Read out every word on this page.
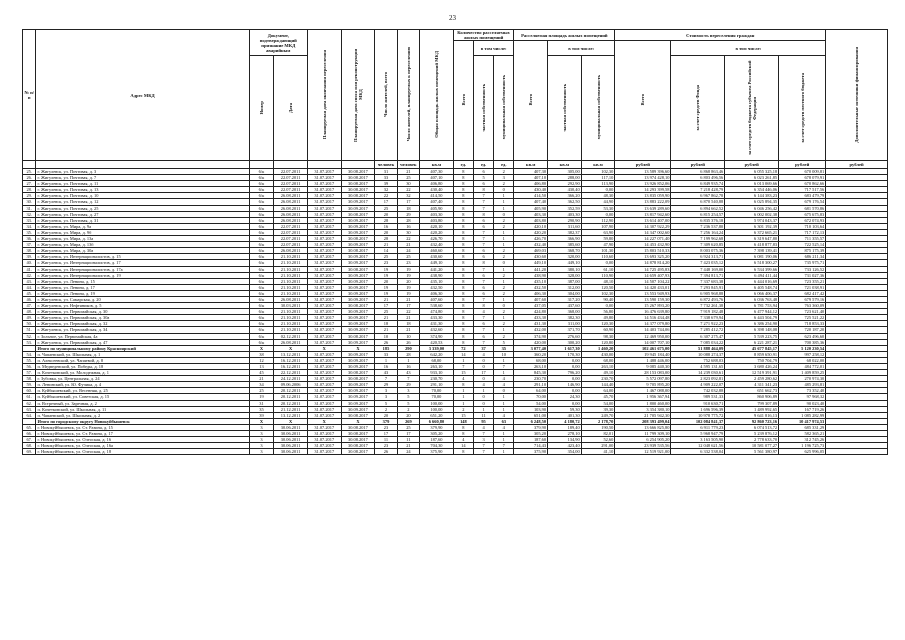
23
№ п/п	Адрес МКД	Документ, подтверждающий признание МКД аварийным		Планируемая дата окончания переселения	Планируемая дата сноса или реконструкции МКД	Число жителей, всего	Число жителей, планируемых к переселению	Общая площадь жилых помещений МКД	Количество расселяемых жилых помещений			Расселяемая площадь жилых помещений			Стоимость переселения граждан				Дополнительные источники финансирования
									Всего	в том числе:		Всего	в том числе:		Всего	в том числе:			
		Номер	Дата							частная собственность	муниципальная собственность		частная собственность	муниципальная собственность		за счет средств Фонда	за счет средств бюджета субъекта Российской Федерации	за счет средств местного бюджета	
						человек	человек	кв.м	ед.	ед.	ед.	кв.м	кв.м	кв.м	рублей	рублей	рублей	рублей	рублей
25.	г. Жигулевск, ул. Почтовая, д. 3	6/к	22.07.2011	31.07.2017	30.08.2017	31	21	407,30	8	6	2	407,30	305,00	102,30	13 589 396,60	6 868 863,46	6 055 325,18	670 009,81	
26.	г. Жигулевск, ул. Почтовая, д. 7	6/к	22.07.2011	31.07.2017	30.08.2017	33	25	407,10	8	5	3	407,10	288,00	117,10	13 974 428,10	6 803 496,56	6 023 261,85	678 079,91	
27.	г. Жигулевск, ул. Почтовая, д. 11	6/к	22.07.2011	31.07.2017	30.08.2017	39	30	406,80	8	6	2	406,80	292,90	113,90	13 926 852,06	6 849 935,74	6 013 069,66	670 862,66	
28.	г. Жигулевск, ул. Почтовая, д. 13	6/к	22.07.2011	31.07.2017	30.08.2017	32	22	430,40	8	8	0	430,40	430,40	0,00	14 293 399,58	7 218 428,79	6 354 446,06	717 517,56	
29.	г. Жигулевск, ул. Почтовая, д. 10	6/к	26.08.2011	31.07.2017	30.08.2017	22	32	414,50	8	7	1	414,50	366,20	48,30	13 835 059,90	6 967 862,78	6 144 383,23	683 479,79	
30.	г. Жигулевск, ул. Почтовая, д. 12	6/к	26.08.2011	31.07.2017	30.09.2017	17	17	407,40	8	7	1	407,40	362,50	44,90	13 883 222,09	6 870 540,88	6 025 894,35	679 176,54	
31.	г. Жигулевск, ул. Почтовая, д. 25	6/к	26.08.2011	31.07.2017	30.09.2017	25	18	405,90	8	7	1	405,90	352,59	53,30	13 639 289,60	6 894 662,52	6 046 256,42	681 570,86	
32.	г. Жигулевск, ул. Почтовая, д. 27	6/к	26.08.2011	31.07.2017	30.08.2017	20	29	403,30	8	8	0	403,30	403,30	0,00	13 817 942,60	6 815 254,57	6 002 002,38	675 675,83	
33.	г. Жигулевск, ул. Почтовая, д. 31	6/к	26.08.2011	31.07.2017	30.09.2017	28	28	403,80	8	6	2	403,80	290,90	112,90	13 614 407,00	6 835 376,18	5 974 043,37	672 074,93	
34.	г. Жигулевск, ул. Мира, д. 9а	6/к	22.07.2011	31.07.2017	30.09.2017	16	16	420,10	8	6	2	420,10	311,60	107,90	14 307 922,29	7 236 537,80	6 301 192,39	710 103,64	
35.	г. Жигулевск, ул. Мира, д. 9б	6/к	22.07.2011	31.07.2017	30.09.2017	20	30	420,20	8	7	1	420,20	382,37	63,90	14 347 002,60	7 256 164,24	6 372 665,21	717 172,13	
36.	г. Жигулевск, ул. Мира, д. 13а	6/к	22.07.2011	31.07.2017	30.08.2017	28	22	426,70	8	7	1	426,70	366,90	59,80	14 227 071,40	7 199 962,68	6 319 647,80	711 355,57	
37.	г. Жигулевск, ул. Мира, д. 13б	6/к	22.07.2011	31.07.2017	30.09.2017	21	21	432,40	8	7	1	432,40	385,60	47,90	14 453 432,90	7 309 620,85	6 418 877,83	722 525,14	
38.	г. Жигулевск, ул. Мира, д. 30а	6/к	26.08.2011	31.07.2017	30.08.2017	14	24	460,60	8	6	2	469,03	368,70	101,30	15 803 510,33	8 003 075,36	7 398 139,41	875 175,39	
39.	г. Жигулевск, ул. Интернационалистов, д. 15	6/к	21.10.2011	31.07.2017	30.09.2017	25	25	430,60	8	6	2	430,60	320,00	110,60	13 693 325,20	6 924 313,71	6 081 190,06	686 211,34	
40.	г. Жигулевск, ул. Интернационалистов, д. 17	6/к	21.10.2011	31.07.2017	30.09.2017	23	23	449,10	8	8	0	449,10	449,10	0,00	14 878 814,20	7 423 035,12	6 518 300,27	735 975,71	
41.	г. Жигулевск, ул. Интернационалистов, д. 17а	6/к	21.10.2011	31.07.2017	30.08.2017	19	19	441,20	8	7	1	441,20	380,10	61,10	14 725 495,83	7 448 169,00	6 534 399,66	733 126,52	
42.	г. Жигулевск, ул. Интернационалистов, д. 19	6/к	21.10.2011	31.07.2017	30.09.2017	19	19	438,90	8	6	2	438,90	328,00	110,90	14 659 407,93	7 394 813,71	6 494 411,44	731 027,36	
43.	г. Жигулевск, ул. Ленина, д. 15	6/к	21.10.2011	31.07.2017	30.09.2017	20	20	435,10	8	7	1	435,10	387,00	48,10	14 507 104,22	7 337 683,38	6 444 016,69	723 355,21	
44.	г. Жигулевск, ул. Ленина, д. 17	6/к	21.10.2011	31.07.2017	30.09.2017	19	19	432,50	8	6	2	432,50	312,00	120,50	14 420 433,01	7 293 845,91	6 405 548,74	721 038,91	
45.	г. Жигулевск, ул. Ленина, д. 19	6/к	21.10.2011	31.07.2017	30.09.2017	19	19	406,30	8	6	2	406,30	304,00	102,30	13 553 949,93	6 905 968,88	6 066 406,37	682 417,42	
46.	г. Жигулевск, ул. Самарская, д. 20	6/к	26.08.2011	31.07.2017	30.09.2017	21	21	407,60	8	7	1	407,60	317,20	90,40	13 590 159,30	6 872 493,76	6 036 763,48	679 579,16	
47.	г. Жигулевск, ул. Нефтяников, д. 5	6/к	30.03.2011	31.07.2017	30.08.2017	17	17	538,60	8	8	0	437,05	437,60	0,00	15 267 893,20	7 732 261,38	6 781 753,94	763 360,09	
48.	г. Жигулевск, ул. Первомайская, д. 30	6/к	21.10.2011	31.07.2017	30.09.2017	25	22	474,80	8	4	2	424,80	368,00	56,80	16 476 639,80	7 919 182,48	6 477 944,12	723 621,40	
49.	г. Жигулевск, ул. Первомайская, д. 30а	6/к	21.10.2011	31.07.2017	30.09.2017	21	21	433,30	8	7	1	433,30	382,30	49,80	14 516 434,48	7 338 679,94	6 443 504,79	725 521,22	
50.	г. Жигулевск, ул. Первомайская, д. 32	6/к	21.10.2011	31.07.2017	30.09.2017	18	18	431,30	8	6	2	431,30	311,00	120,30	14 377 079,80	7 271 922,23	6 386 254,90	718 853,33	
51.	г. Жигулевск, ул. Первомайская, д. 34	6/к	21.10.2011	31.07.2017	30.09.2017	21	21	432,60	8	7	1	432,00	371,70	60,90	14 403 744,06	7 285 412,72	6 398 148,08	720 187,20	
52.	г. Зольное, ул. Первомайская, 4а	6/к	02.12.2011	31.07.2017	30.08.2017	10	10	374,90	8	6	2	374,90	276,60	98,30	12 469 950,00	6 307 275,47	5 539 223,75	623 496,60	
53.	г. Жигулевск, ул. Первомайская, д. 47	6/к	26.08.2011	31.07.2017	30.09.2017	26	26	420,53	8	7	5	420,00	300,20	120,80	14 007 707,10	7 085 034,22	6 221 287,21	700 385,36	
	Итого по муниципальному району Красноярский	X	X	X	X	185	290	3 339,00	72	37	35	3 077,40	1 617,30	1 460,20	102 461 675,00	51 888 464,09	45 677 845,17	5 120 230,54	
54.	п. Чапаевский, ул. Школьная, д. 1	38	13.12.2011	31.07.2017	30.09.2017	33	28	642,20	14	4	10	360,20	170,30	430,00	19 945 184,40	10 088 274,37	8 859 650,91	997 258,12	
55.	п. Алексеевский, ул. Чапаевой, д. 8	12	16.12.2011	31.07.2017	30.09.2017	1	1	68,00	1	0	1	68,00	0,00	68,00	1 488 446,00	752 688,03	750 704,79	68 022,00	
56.	п. Медведевский, ул. Победы, д. 18	13	16.12.2011	31.07.2017	30.09.2017	16	16	263,10	7	0	7	263,10	0,00	263,10	9 085 440,30	4 595 131,65	3 680 426,24	484 772,01	
57.	п. Кочетковский, ул. Молодежная, д. 1	45	22.12.2011	31.07.2017	30.08.2017	43	43	933,10	15	17	1	845,30	796,20	49,10	28 153 083,00	14 239 030,61	12 519 391,91	1 409 859,25	
58.	г. Зубовка, ул. Центральная, д. 24	21	24.12.2011	31.07.2017	30.08.2017	7	7	230,70	4	0	4	230,70	0,00	230,70	5 572 097,80	2 823 092,81	2 459 280,62	270 974,30	
59.	п. Ленинский, ул. Ю. Фучика, д. 4	34	09.06.2006	31.07.2017	30.09.2017	29	29	291,10	8	4	4	291,10	146,90	144,40	9 705 895,20	4 909 222,07	4 311 341,23	485 293,81	
60.	п. Куйбышевский, ул. Весенняя, д. 25	25	20.12.2011	31.07.2017	30.09.2017	3	3	70,00	1	1	0	64,00	0,00	64,00	1 467 088,00	742 032,88	651 662,73	73 352,40	
61.	п. Куйбышевский, ул. Советская, д. 15	19	20.12.2011	31.07.2017	30.09.2017	3	5	70,00	1	0	1	70,00	24,30	45,70	1 956 367,94	989 531,33	860 906,89	97 968,32	
62.	п. Встречный, ул. Заречная, д. 2	31	20.12.2011	31.07.2017	30.09.2017	5	5	100,00	1	0	1	54,00	0,00	54,00	1 800 460,00	910 630,71	799 307,89	90 023,40	
63.	п. Кочетковский, ул. Школьная, д. 11	35	21.12.2011	31.07.2017	30.09.2017	2	2	100,00	2	1	1	103,90	59,30	39,30	3 354 380,10	1 696 596,39	1 489 992,65	167 719,26	
64.	п. Чапаевский, ул. Школьная, д. 2	39	13.12.2011	31.07.2017	30.08.2017	20	20	651,20	15	11	4	651,00	401,30	249,70	21 705 942,30	10 978 775,72	9 641 816,13	1 085 282,99	
	Итого по городскому округу Новокуйбышевск	X	X	X	X	379	269	6 660,80	148	95	63	6 248,50	4 180,72	2 178,70	208 393 499,04	102 084 841,37	92 860 723,16	10 417 974,53	
65.	г. Новокуйбышевск, ул. Ст. Разина, д. 15	3	30.06.2011	31.07.2017	30.08.2017	23	25	379,90	8	4	4	379,90	189,40	190,50	13 666 825,80	6 911 779,23	6 074 513,72	685 331,29	
66.	г. Новокуйбышевск, ул. Ст. Разина, д. 17	3	30.06.2011	31.07.2017	30.08.2017	17	17	305,20	8	7	1	305,20	278,10	82,01	11 799 309,10	5 968 947,79	5 239 876,12	582 365,21	
67.	г. Новокуйбышевск, ул. Олеоская, д. 16	3	30.06.2011	31.07.2017	30.08.2017	11	11	187,60	4	3	1	187,60	134,90	52,60	6 254 905,20	3 163 505,90	2 778 633,70	312 745,26	
68.	г. Новокуйбышевск, ул. Олеоская, д. 16а	3	30.06.2011	31.07.2017	30.08.2017	23	21	704,30	14	7	7	714,43	423,40	291,00	23 939 535,56	12 048 621,56	10 581 077,27	1 196 725,73	
69.	г. Новокуйбышевск, ул. Олеоская, д. 18	3	30.06.2011	31.07.2017	30.08.2017	26	24	375,90	8	7	1	375,90	354,00	41,10	12 519 921,00	6 332 538,04	5 561 380,97	625 996,05	
